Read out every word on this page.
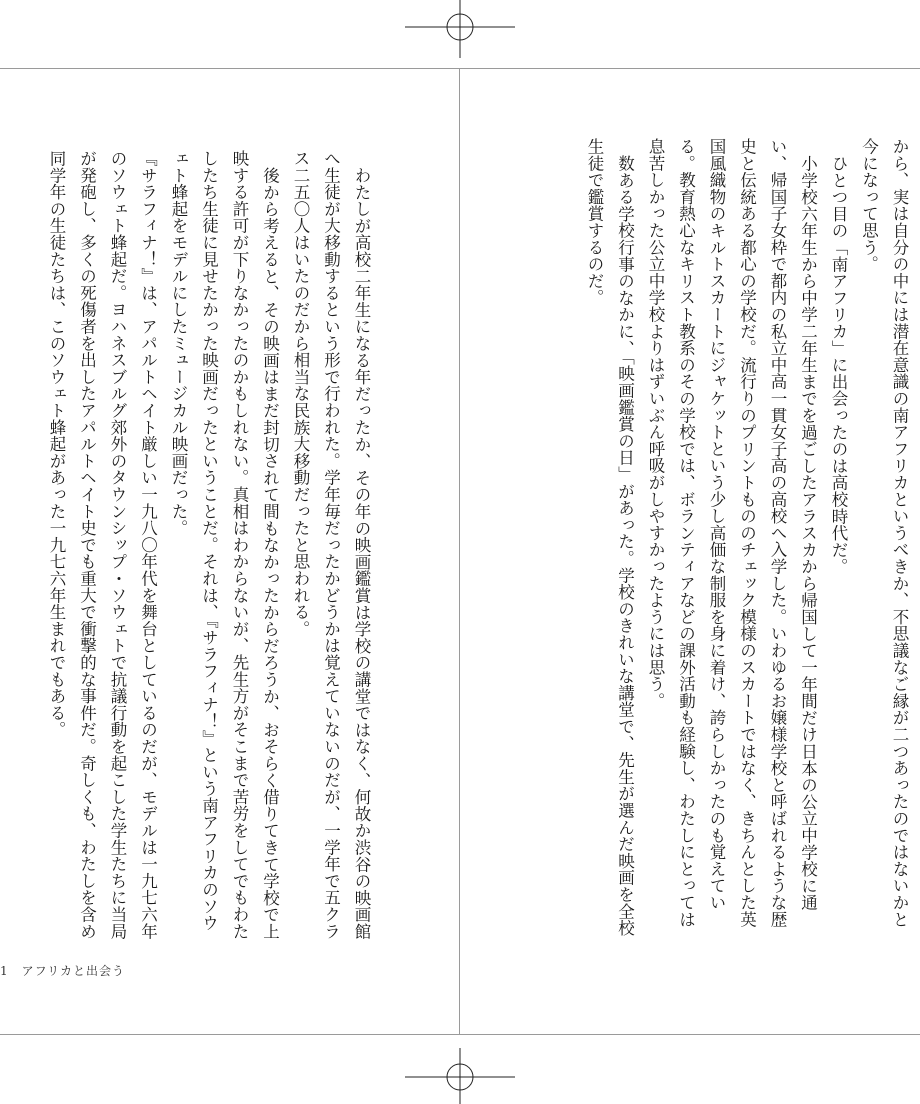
から、実は自分の中には潜在意識の南アフリカというべきか、不思議なご縁が二つあったのではないかと今になって思う。

ひとつ目の「南アフリカ」に出会ったのは高校時代だ。

小学校六年生から中学二年生までを過ごしたアラスカから帰国して一年間だけ日本の公立中学校に通い、帰国子女枠で都内の私立中高一貫女子高の高校へ入学した。いわゆるお嬢様学校と呼ばれるような歴史と伝統ある都心の学校だ。流行りのプリントもののチェック模様のスカートではなく、きちんとした英国風織物のキルトスカートにジャケットという少し高価な制服を身に着け、誇らしかったのも覚えている。教育熱心なキリスト教系のその学校では、ボランティアなどの課外活動も経験し、わたしにとっては息苦しかった公立中学校よりはずいぶん呼吸がしやすかったようには思う。

数ある学校行事のなかに、「映画鑑賞の日」があった。学校のきれいな講堂で、先生が選んだ映画を全校生徒で鑑賞するのだ。

わたしが高校二年生になる年だったか、その年の映画鑑賞は学校の講堂ではなく、何故か渋谷の映画館へ生徒が大移動するという形で行われた。学年毎だったかどうかは覚えていないのだが、一学年で五クラス二五〇人はいたのだから相当な民族大移動だったと思われる。

後から考えると、その映画はまだ封切されて間もなかったからだろうか、おそらく借りてきて学校で上映する許可が下りなかったのかもしれない。真相はわからないが、先生方がそこまで苦労をしてでもわたしたち生徒に見せたかった映画だったということだ。それは、『サラフィナ！』という南アフリカのソウェト蜂起をモデルにしたミュージカル映画だった。

『サラフィナ！』は、アパルトヘイト厳しい一九八〇年代を舞台としているのだが、モデルは一九七六年のソウェト蜂起だ。ヨハネスブルグ郊外のタウンシップ・ソウェトで抗議行動を起こした学生たちに当局が発砲し、多くの死傷者を出したアパルトヘイト史でも重大で衝撃的な事件だ。奇しくも、わたしを含め同学年の生徒たちは、このソウェト蜂起があった一九七六年生まれでもある。

1　アフリカと出会う
